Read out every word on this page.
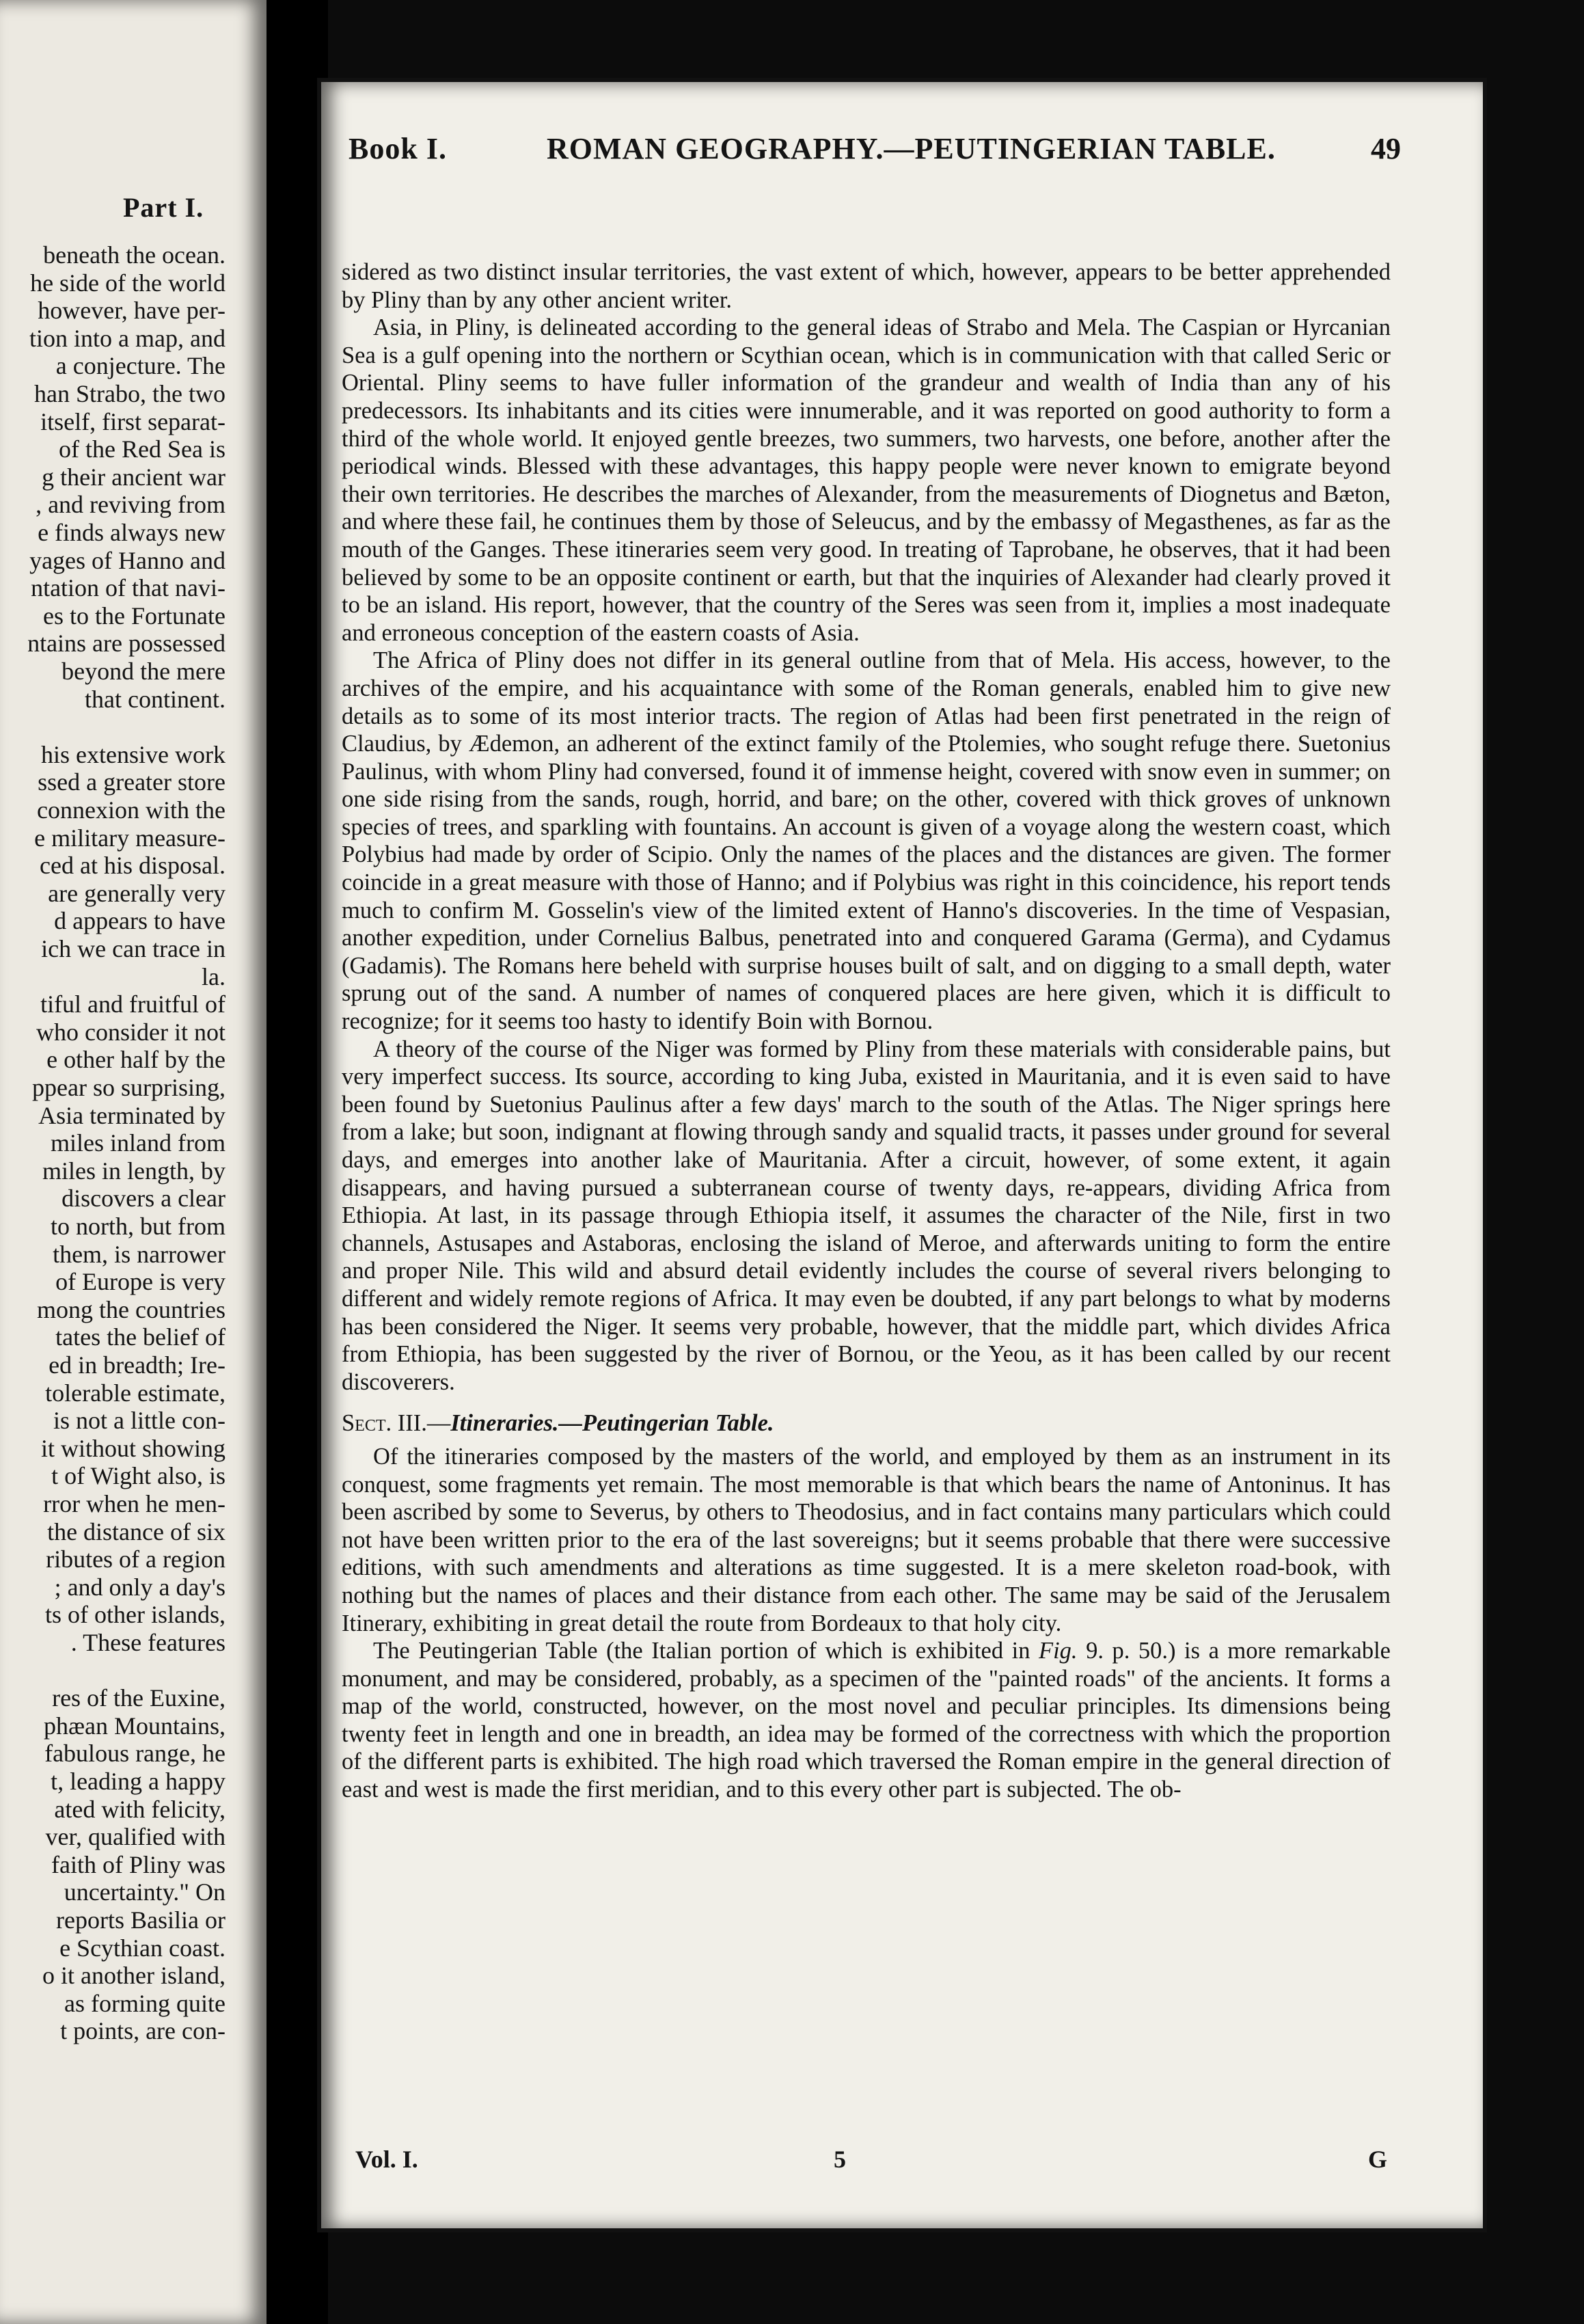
Part I.
beneath the ocean.
he side of the world
however, have per-
tion into a map, and
a conjecture. The
han Strabo, the two
itself, first separat-
of the Red Sea is
g their ancient war
, and reviving from
e finds always new
yages of Hanno and
ntation of that navi-
es to the Fortunate
ntains are possessed
beyond the mere
that continent.
his extensive work
ssed a greater store
connexion with the
e military measure-
ced at his disposal.
are generally very
d appears to have
ich we can trace in
la.
tiful and fruitful of
who consider it not
e other half by the
ppear so surprising,
Asia terminated by
miles inland from
miles in length, by
discovers a clear
to north, but from
them, is narrower
of Europe is very
mong the countries
tates the belief of
ed in breadth; Ire-
tolerable estimate,
is not a little con-
it without showing
t of Wight also, is
rror when he men-
the distance of six
ributes of a region
; and only a day's
ts of other islands,
. These features
res of the Euxine,
phæan Mountains,
fabulous range, he
t, leading a happy
ated with felicity,
ver, qualified with
faith of Pliny was
uncertainty." On
reports Basilia or
e Scythian coast.
o it another island,
as forming quite
t points, are con-
Book I.	ROMAN GEOGRAPHY.—PEUTINGERIAN TABLE.	49

sidered as two distinct insular territories, the vast extent of which, however, appears to be better apprehended by Pliny than by any other ancient writer.

Asia, in Pliny, is delineated according to the general ideas of Strabo and Mela. The Caspian or Hyrcanian Sea is a gulf opening into the northern or Scythian ocean, which is in communication with that called Seric or Oriental. Pliny seems to have fuller information of the grandeur and wealth of India than any of his predecessors. Its inhabitants and its cities were innumerable, and it was reported on good authority to form a third of the whole world. It enjoyed gentle breezes, two summers, two harvests, one before, another after the periodical winds. Blessed with these advantages, this happy people were never known to emigrate beyond their own territories. He describes the marches of Alexander, from the measurements of Diognetus and Bæton, and where these fail, he continues them by those of Seleucus, and by the embassy of Megasthenes, as far as the mouth of the Ganges. These itineraries seem very good. In treating of Taprobane, he observes, that it had been believed by some to be an opposite continent or earth, but that the inquiries of Alexander had clearly proved it to be an island. His report, however, that the country of the Seres was seen from it, implies a most inadequate and erroneous conception of the eastern coasts of Asia.

The Africa of Pliny does not differ in its general outline from that of Mela. His access, however, to the archives of the empire, and his acquaintance with some of the Roman generals, enabled him to give new details as to some of its most interior tracts. The region of Atlas had been first penetrated in the reign of Claudius, by Ædemon, an adherent of the extinct family of the Ptolemies, who sought refuge there. Suetonius Paulinus, with whom Pliny had conversed, found it of immense height, covered with snow even in summer; on one side rising from the sands, rough, horrid, and bare; on the other, covered with thick groves of unknown species of trees, and sparkling with fountains. An account is given of a voyage along the western coast, which Polybius had made by order of Scipio. Only the names of the places and the distances are given. The former coincide in a great measure with those of Hanno; and if Polybius was right in this coincidence, his report tends much to confirm M. Gosselin's view of the limited extent of Hanno's discoveries. In the time of Vespasian, another expedition, under Cornelius Balbus, penetrated into and conquered Garama (Germa), and Cydamus (Gadamis). The Romans here beheld with surprise houses built of salt, and on digging to a small depth, water sprung out of the sand. A number of names of conquered places are here given, which it is difficult to recognize; for it seems too hasty to identify Boin with Bornou.

A theory of the course of the Niger was formed by Pliny from these materials with considerable pains, but very imperfect success. Its source, according to king Juba, existed in Mauritania, and it is even said to have been found by Suetonius Paulinus after a few days' march to the south of the Atlas. The Niger springs here from a lake; but soon, indignant at flowing through sandy and squalid tracts, it passes under ground for several days, and emerges into another lake of Mauritania. After a circuit, however, of some extent, it again disappears, and having pursued a subterranean course of twenty days, re-appears, dividing Africa from Ethiopia. At last, in its passage through Ethiopia itself, it assumes the character of the Nile, first in two channels, Astusapes and Astaboras, enclosing the island of Meroe, and afterwards uniting to form the entire and proper Nile. This wild and absurd detail evidently includes the course of several rivers belonging to different and widely remote regions of Africa. It may even be doubted, if any part belongs to what by moderns has been considered the Niger. It seems very probable, however, that the middle part, which divides Africa from Ethiopia, has been suggested by the river of Bornou, or the Yeou, as it has been called by our recent discoverers.

Sect. III.—Itineraries.—Peutingerian Table.

Of the itineraries composed by the masters of the world, and employed by them as an instrument in its conquest, some fragments yet remain. The most memorable is that which bears the name of Antoninus. It has been ascribed by some to Severus, by others to Theodosius, and in fact contains many particulars which could not have been written prior to the era of the last sovereigns; but it seems probable that there were successive editions, with such amendments and alterations as time suggested. It is a mere skeleton road-book, with nothing but the names of places and their distance from each other. The same may be said of the Jerusalem Itinerary, exhibiting in great detail the route from Bordeaux to that holy city.

The Peutingerian Table (the Italian portion of which is exhibited in Fig. 9. p. 50.) is a more remarkable monument, and may be considered, probably, as a specimen of the "painted roads" of the ancients. It forms a map of the world, constructed, however, on the most novel and peculiar principles. Its dimensions being twenty feet in length and one in breadth, an idea may be formed of the correctness with which the proportion of the different parts is exhibited. The high road which traversed the Roman empire in the general direction of east and west is made the first meridian, and to this every other part is subjected. The ob-

Vol. I.	5	G
